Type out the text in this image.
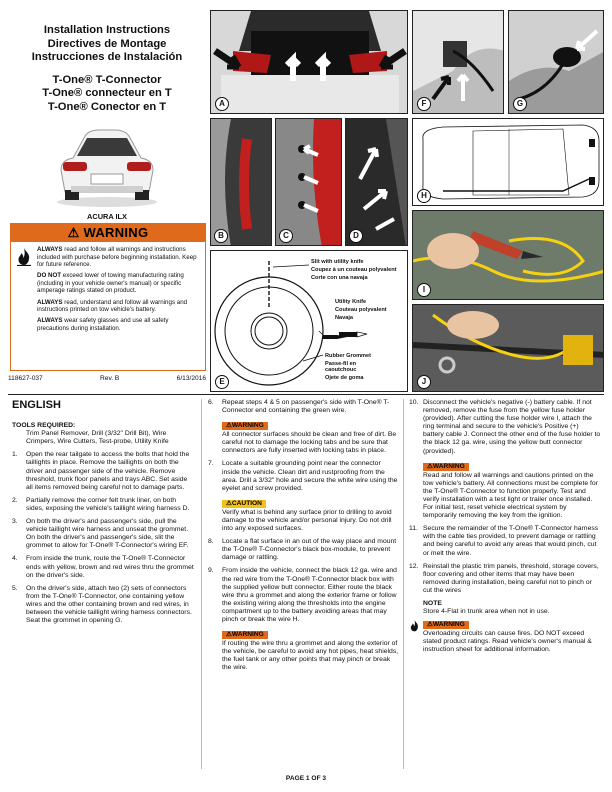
Installation Instructions
Directives de Montage
Instrucciones de Instalación
T-One® T-Connector
T-One® connecteur en T
T-One® Conector en T
ACURA ILX
⚠ WARNING

ALWAYS read and follow all warnings and instructions included with purchase before beginning installation. Keep for future reference.

DO NOT exceed lower of towing manufacturing rating (including in your vehicle owner's manual) or specific amperage ratings stated on product.

ALWAYS read, understand and follow all warnings and instructions printed on tow vehicle's battery.

ALWAYS wear safety glasses and use all safety precautions during installation.

118627-037	Rev. B	6/13/2016
A
B	C	D
Slit with utility knife
Coupez à un couteau polyvalent
Corte con una navaja
Utility Knife
Couteau polyvalent
Navaja
Rubber Grommet
Passe-fil en
caoutchouc
Ojete de goma
E
F	G
H
I
J
ENGLISH
TOOLS REQUIRED:
Trim Panel Remover, Drill (3/32" Drill Bit), Wire Crimpers, Wire Cutters, Test-probe, Utility Knife
1.	Open the rear tailgate to access the bolts that hold the taillights in place. Remove the taillights on both the driver and passenger side of the vehicle. Remove threshold, trunk floor panels and trays ABC. Set aside all items removed being careful not to damage parts.
2.	Partially remove the corner felt trunk liner, on both sides, exposing the vehicle's taillight wiring harness D.
3.	On both the driver's and passenger's side, pull the vehicle taillight wire harness and unseat the grommet. On both the driver's and passenger's side, slit the grommet to allow for T-One® T-Connector's wiring EF.
4.	From inside the trunk, route the T-One® T-Connector ends with yellow, brown and red wires thru the grommet on the driver's side.
5.	On the driver's side, attach two (2) sets of connectors from the T-One® T-Connector, one containing yellow wires and the other containing brown and red wires, in between the vehicle taillight wiring harness connectors. Seat the grommet in opening G.
6.	Repeat steps 4 & 5 on passenger's side with T-One® T-Connector end containing the green wire.
⚠WARNING
All connector surfaces should be clean and free of dirt. Be careful not to damage the locking tabs and be sure that connectors are fully inserted with locking tabs in place.
7.	Locate a suitable grounding point near the connector inside the vehicle. Clean dirt and rustproofing from the area. Drill a 3/32" hole and secure the white wire using the eyelet and screw provided.
⚠CAUTION
Verify what is behind any surface prior to drilling to avoid damage to the vehicle and/or personal injury. Do not drill into any exposed surfaces.
8.	Locate a flat surface in an out of the way place and mount the T-One® T-Connector's black box-module, to prevent damage or rattling.
9.	From inside the vehicle, connect the black 12 ga. wire and the red wire from the T-One® T-Connector black box with the supplied yellow butt connector. Either route the black wire thru a grommet and along the exterior frame or follow the existing wiring along the thresholds into the engine compartment up to the battery avoiding areas that may pinch or break the wire H.
⚠WARNING
If routing the wire thru a grommet and along the exterior of the vehicle, be careful to avoid any hot pipes, heat shields, the fuel tank or any other points that may pinch or break the wire.
10. Disconnect the vehicle's negative (-) battery cable. If not removed, remove the fuse from the yellow fuse holder (provided). After cutting the fuse holder wire I, attach the ring terminal and secure to the vehicle's Positive (+) battery cable J. Connect the other end of the fuse holder to the black 12 ga. wire, using the yellow butt connector (provided).
⚠WARNING
Read and follow all warnings and cautions printed on the tow vehicle's battery. All connections must be complete for the T-One® T-Connector to function properly. Test and verify installation with a test light or trailer once installed. For initial test, reset vehicle electrical system by temporarily removing the key from the ignition.
11. Secure the remainder of the T-One® T-Connector harness with the cable ties provided, to prevent damage or rattling and being careful to avoid any areas that would pinch, cut or melt the wire.
12. Reinstall the plastic trim panels, threshold, storage covers, floor covering and other items that may have been removed during installation, being careful not to pinch or cut the wires
NOTE
Store 4-Flat in trunk area when not in use.
⚠WARNING
Overloading circuits can cause fires. DO NOT exceed stated product ratings. Read vehicle's owner's manual & instruction sheet for additional information.
PAGE 1 OF 3
